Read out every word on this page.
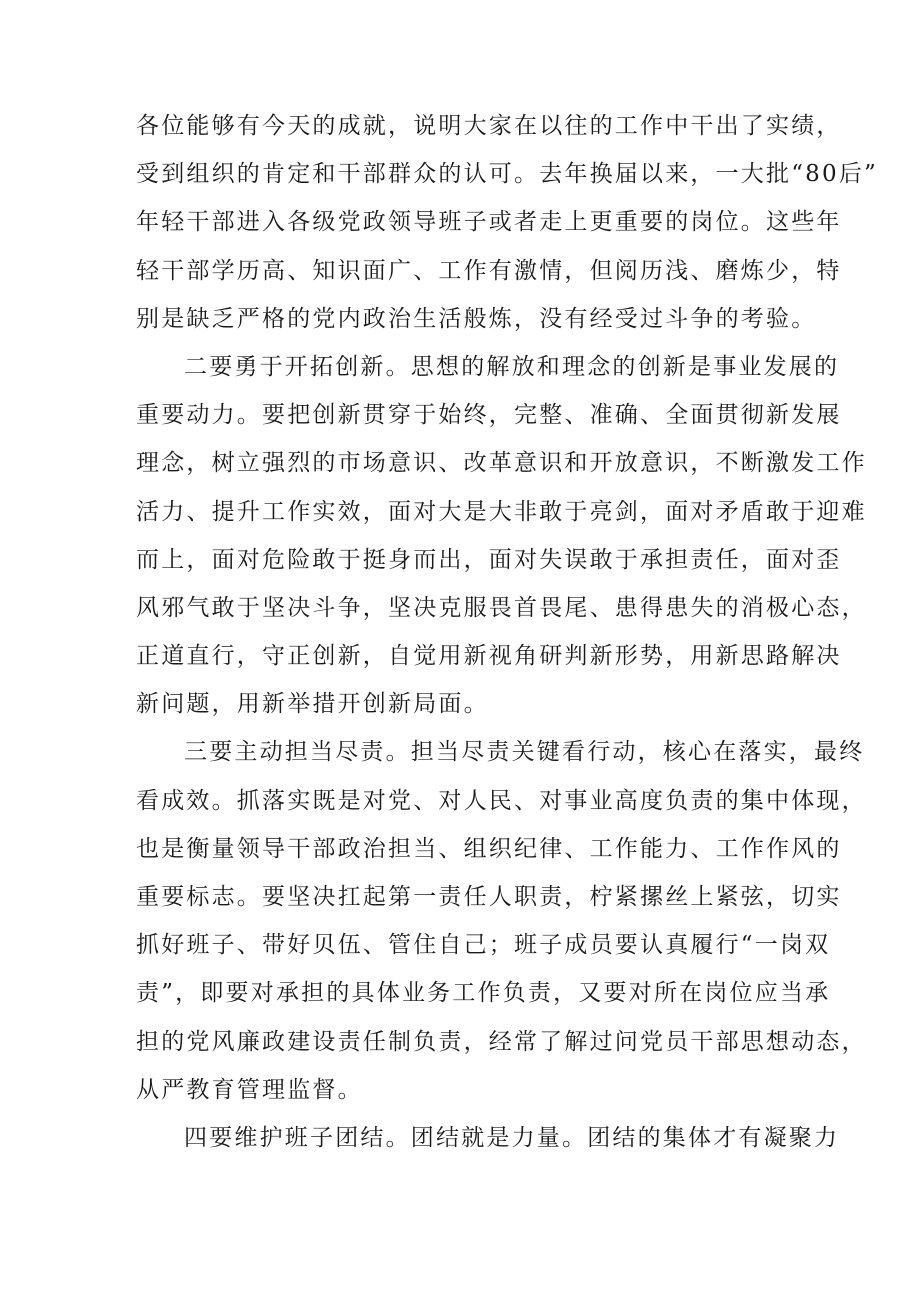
各位能够有今天的成就，说明大家在以往的工作中干出了实绩，
受到组织的肯定和干部群众的认可。去年换届以来，一大批“80后”
年轻干部进入各级党政领导班子或者走上更重要的岗位。这些年
轻干部学历高、知识面广、工作有激情，但阅历浅、磨炼少，特
别是缺乏严格的党内政治生活般炼，没有经受过斗争的考验。
二要勇于开拓创新。思想的解放和理念的创新是事业发展的
重要动力。要把创新贯穿于始终，完整、准确、全面贯彻新发展
理念，树立强烈的市场意识、改革意识和开放意识，不断激发工作
活力、提升工作实效，面对大是大非敢于亮剑，面对矛盾敢于迎难
而上，面对危险敢于挺身而出，面对失误敢于承担责任，面对歪
风邪气敢于坚决斗争，坚决克服畏首畏尾、患得患失的消极心态，
正道直行，守正创新，自觉用新视角研判新形势，用新思路解决
新问题，用新举措开创新局面。
三要主动担当尽责。担当尽责关键看行动，核心在落实，最终
看成效。抓落实既是对党、对人民、对事业高度负责的集中体现，
也是衡量领导干部政治担当、组织纪律、工作能力、工作作风的
重要标志。要坚决扛起第一责任人职责，柠紧摞丝上紧弦，切实
抓好班子、带好贝伍、管住自己；班子成员要认真履行“一岗双
责”，即要对承担的具体业务工作负责，又要对所在岗位应当承
担的党风廉政建设责任制负责，经常了解过问党员干部思想动态，
从严教育管理监督。
四要维护班子团结。团结就是力量。团结的集体才有凝聚力
